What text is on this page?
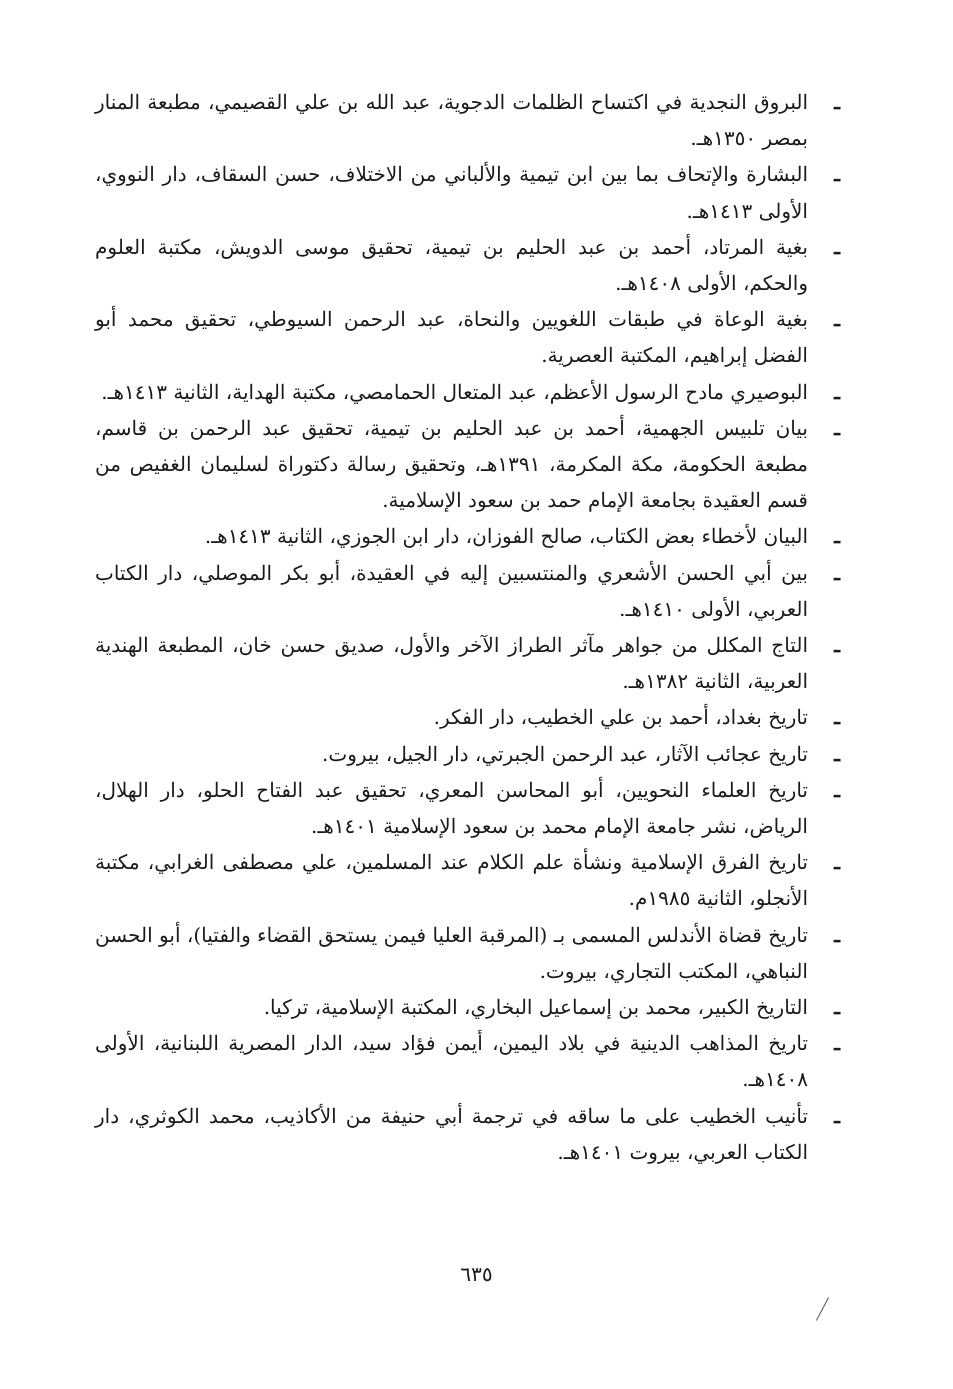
ـ
البروق النجدية في اكتساح الظلمات الدجوية، عبد الله بن علي القصيمي، مطبعة المنار بمصر ١٣٥٠هـ.
ـ
البشارة والإتحاف بما بين ابن تيمية والألباني من الاختلاف، حسن السقاف، دار النووي، الأولى ١٤١٣هـ.
ـ
بغية المرتاد، أحمد بن عبد الحليم بن تيمية، تحقيق موسى الدويش، مكتبة العلوم والحكم، الأولى ١٤٠٨هـ.
ـ
بغية الوعاة في طبقات اللغويين والنحاة، عبد الرحمن السيوطي، تحقيق محمد أبو الفضل إبراهيم، المكتبة العصرية.
ـ
البوصيري مادح الرسول الأعظم، عبد المتعال الحمامصي، مكتبة الهداية، الثانية ١٤١٣هـ.
ـ
بيان تلبيس الجهمية، أحمد بن عبد الحليم بن تيمية، تحقيق عبد الرحمن بن قاسم، مطبعة الحكومة، مكة المكرمة، ١٣٩١هـ، وتحقيق رسالة دكتوراة لسليمان الغفيص من قسم العقيدة بجامعة الإمام حمد بن سعود الإسلامية.
ـ
البيان لأخطاء بعض الكتاب، صالح الفوزان، دار ابن الجوزي، الثانية ١٤١٣هـ.
ـ
بين أبي الحسن الأشعري والمنتسبين إليه في العقيدة، أبو بكر الموصلي، دار الكتاب العربي، الأولى ١٤١٠هـ.
ـ
التاج المكلل من جواهر مآثر الطراز الآخر والأول، صديق حسن خان، المطبعة الهندية العربية، الثانية ١٣٨٢هـ.
ـ
تاريخ بغداد، أحمد بن علي الخطيب، دار الفكر.
ـ
تاريخ عجائب الآثار، عبد الرحمن الجبرتي، دار الجيل، بيروت.
ـ
تاريخ العلماء النحويين، أبو المحاسن المعري، تحقيق عبد الفتاح الحلو، دار الهلال، الرياض، نشر جامعة الإمام محمد بن سعود الإسلامية ١٤٠١هـ.
ـ
تاريخ الفرق الإسلامية ونشأة علم الكلام عند المسلمين، علي مصطفى الغرابي، مكتبة الأنجلو، الثانية ١٩٨٥م.
ـ
تاريخ قضاة الأندلس المسمى بـ (المرقبة العليا فيمن يستحق القضاء والفتيا)، أبو الحسن النباهي، المكتب التجاري، بيروت.
ـ
التاريخ الكبير، محمد بن إسماعيل البخاري، المكتبة الإسلامية، تركيا.
ـ
تاريخ المذاهب الدينية في بلاد اليمين، أيمن فؤاد سيد، الدار المصرية اللبنانية، الأولى ١٤٠٨هـ.
ـ
تأنيب الخطيب على ما ساقه في ترجمة أبي حنيفة من الأكاذيب، محمد الكوثري، دار الكتاب العربي، بيروت ١٤٠١هـ.
٦٣٥
